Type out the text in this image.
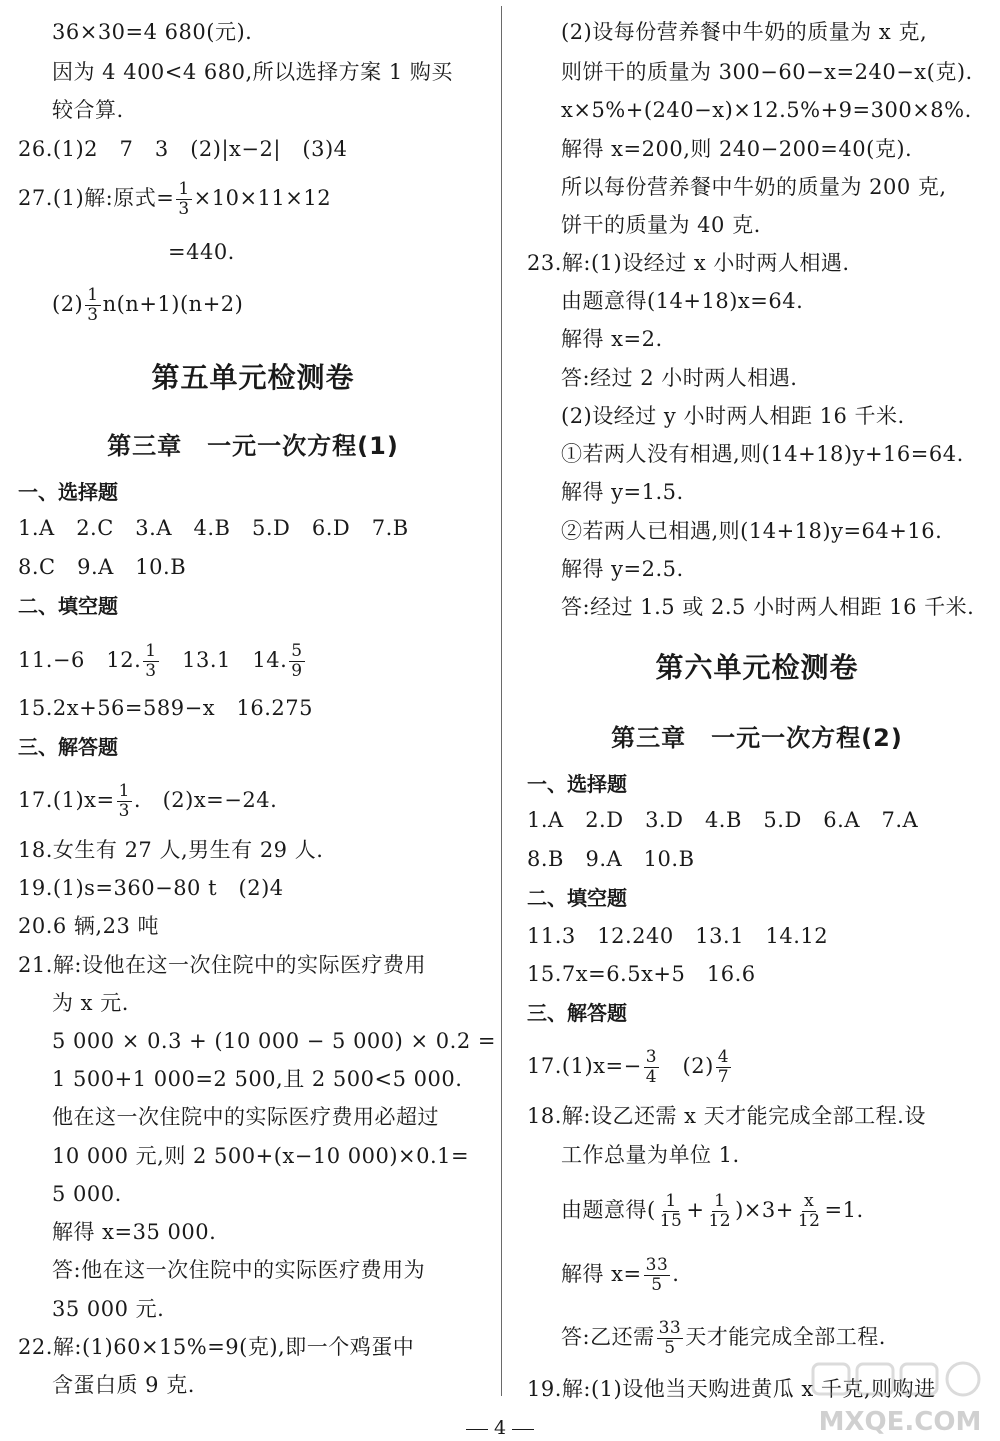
36×30=4 680(元).
因为 4 400<4 680,所以选择方案 1 购买
较合算.
26.(1)2　7　3　(2)|x−2|　(3)4
27.(1)解:原式= $\frac{1}{3} \times 10\times 11\times 12$
=440.
$(2) \frac{1}{3} n(n+1)(n+2)$
第五单元检测卷
第三章　一元一次方程(1)
一、选择题
1.A　2.C　3.A　4.B　5.D　6.D　7.B
8.C　9.A　10.B
二、填空题
11.−6　12. $\frac{1}{3}$ 　13.1　14. $\frac{5}{9}$
15.2x+56=589−x　16.275
三、解答题
$17.(1)x= \frac{1}{3}$ .　(2)x=−24.
18.女生有 27 人,男生有 29 人.
19.(1)s=360−80 t　(2)4
20.6 辆,23 吨
21.解:设他在这一次住院中的实际医疗费用
为 x 元.
5 000 × 0.3 + (10 000 − 5 000) × 0.2 =
1 500+1 000=2 500,且 2 500<5 000.
他在这一次住院中的实际医疗费用必超过
10 000 元,则 2 500+(x−10 000)×0.1=
5 000.
解得 x=35 000.
答:他在这一次住院中的实际医疗费用为
35 000 元.
22.解:(1)60×15%=9(克),即一个鸡蛋中
含蛋白质 9 克.
(2)设每份营养餐中牛奶的质量为 x 克,
则饼干的质量为 300−60−x=240−x(克).
x×5%+(240−x)×12.5%+9=300×8%.
解得 x=200,则 240−200=40(克).
所以每份营养餐中牛奶的质量为 200 克,
饼干的质量为 40 克.
23.解:(1)设经过 x 小时两人相遇.
由题意得(14+18)x=64.
解得 x=2.
答:经过 2 小时两人相遇.
(2)设经过 y 小时两人相距 16 千米.
①若两人没有相遇,则(14+18)y+16=64.
解得 y=1.5.
②若两人已相遇,则(14+18)y=64+16.
解得 y=2.5.
答:经过 1.5 或 2.5 小时两人相距 16 千米.
第六单元检测卷
第三章　一元一次方程(2)
一、选择题
1.A　2.D　3.D　4.B　5.D　6.A　7.A
8.B　9.A　10.B
二、填空题
11.3　12.240　13.1　14.12
15.7x=6.5x+5　16.6
三、解答题
$17.(1)x=- \frac{3}{4}$ 　$(2) \frac{4}{7}$
18.解:设乙还需 x 天才能完成全部工程.设
工作总量为单位 1.
由题意得( $\frac{1}{15} + \frac{1}{12} )\times 3+ \frac{x}{12} =1$.
解得 $x= \frac{33}{5}$ .
答:乙还需 $\frac{33}{5}$ 天才能完成全部工程.
19.解:(1)设他当天购进黄瓜 x 千克,则购进
4	MXQE.COM
